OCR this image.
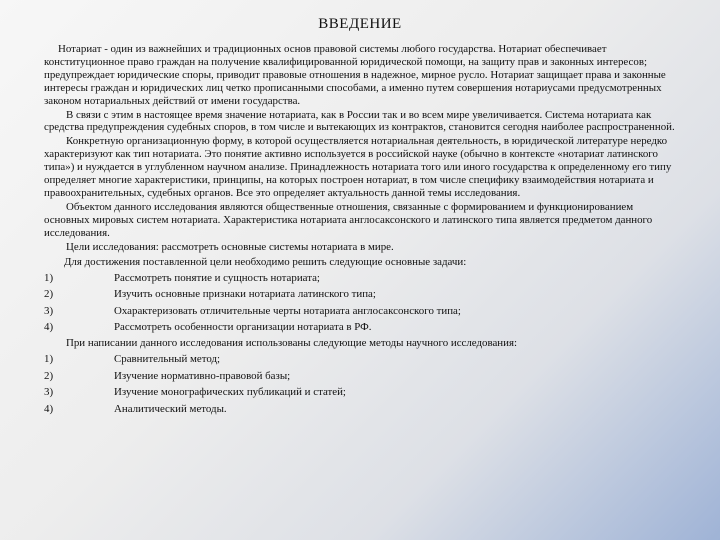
ВВЕДЕНИЕ

Нотариат - один из важнейших и традиционных основ правовой системы любого государства. Нотариат обеспечивает конституционное право граждан на получение квалифицированной юридической помощи, на защиту прав и законных интересов; предупреждает юридические споры, приводит правовые отношения в надежное, мирное русло. Нотариат защищает права и законные интересы граждан и юридических лиц четко прописанными способами, а именно путем совершения нотариусами предусмотренных законом нотариальных действий от имени государства.

В связи с этим в настоящее время значение нотариата, как в России так и во всем мире увеличивается. Система нотариата как средства предупреждения судебных споров, в том числе и вытекающих из контрактов, становится сегодня наиболее распространенной.

Конкретную организационную форму, в которой осуществляется нотариальная деятельность, в юридической литературе нередко характеризуют как тип нотариата. Это понятие активно используется в российской науке (обычно в контексте «нотариат латинского типа») и нуждается в углубленном научном анализе. Принадлежность нотариата того или иного государства к определенному его типу определяет многие характеристики, принципы, на которых построен нотариат, в том числе специфику взаимодействия нотариата и правоохранительных, судебных органов. Все это определяет актуальность данной темы исследования.

Объектом данного исследования являются общественные отношения, связанные с формированием и функционированием основных мировых систем нотариата. Характеристика нотариата англосаксонского и латинского типа является предметом данного исследования.

Цели исследования: рассмотреть основные системы нотариата в мире.

Для достижения поставленной цели необходимо решить следующие основные задачи:

1)	Рассмотреть понятие и сущность нотариата;
2)	Изучить основные признаки нотариата латинского типа;
3)	Охарактеризовать отличительные черты нотариата англосаксонского типа;
4)	Рассмотреть особенности организации нотариата в РФ.

При написании данного исследования использованы следующие методы научного исследования:

1)	Сравнительный метод;
2)	Изучение нормативно-правовой базы;
3)	Изучение монографических публикаций и статей;
4)	Аналитический методы.
